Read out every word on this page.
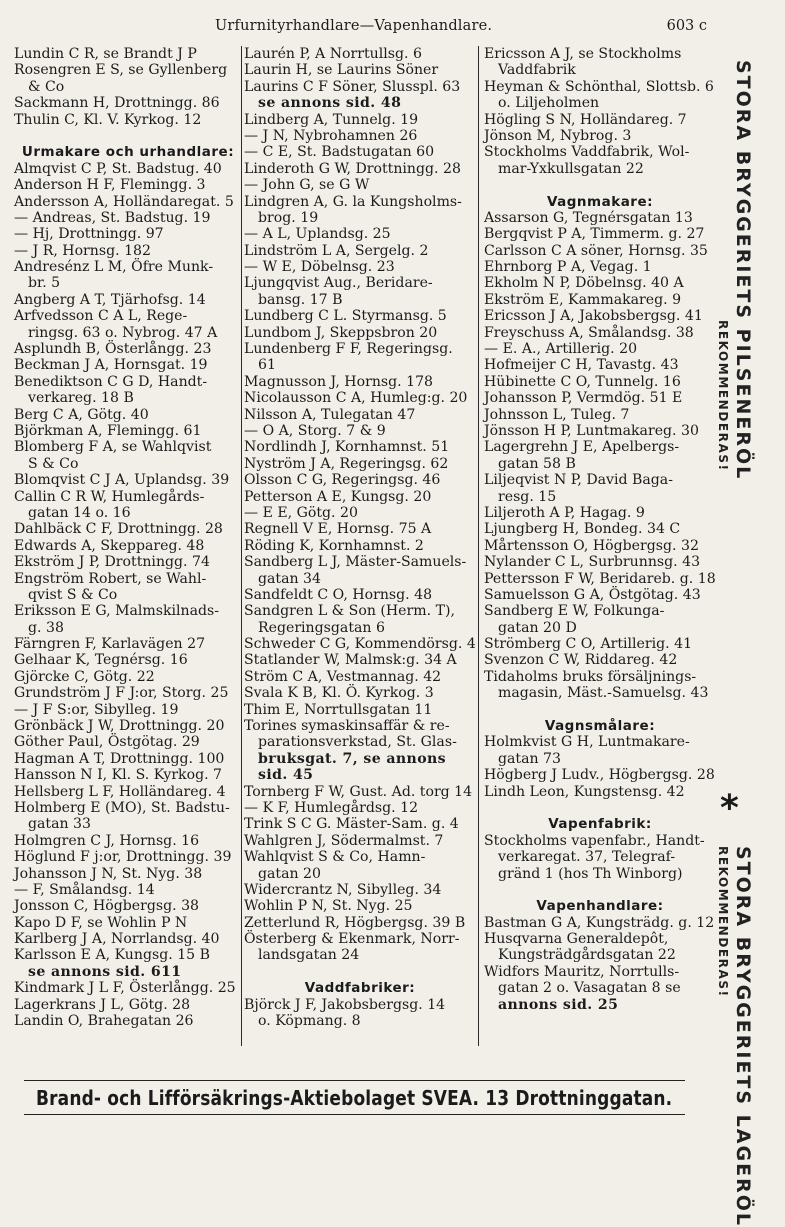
Urfurnityrhandlare—Vapenhandlare.	603 c
Lundin C R, se Brandt J P
Rosengren E S, se Gyllenberg
& Co
Sackmann H, Drottningg. 86
Thulin C, Kl. V. Kyrkog. 12
Urmakare och urhandlare:
Almqvist C P, St. Badstug. 40
Anderson H F, Flemingg. 3
Andersson A, Holländaregat. 5
— Andreas, St. Badstug. 19
— Hj, Drottningg. 97
— J R, Hornsg. 182
Andresénz L M, Öfre Munk-
br. 5
Angberg A T, Tjärhofsg. 14
Arfvedsson C A L, Rege-
ringsg. 63 o. Nybrog. 47 A
Asplundh B, Österlångg. 23
Beckman J A, Hornsgat. 19
Benediktson C G D, Handt-
verkareg. 18 B
Berg C A, Götg. 40
Björkman A, Flemingg. 61
Blomberg F A, se Wahlqvist
S & Co
Blomqvist C J A, Uplandsg. 39
Callin C R W, Humlegårds-
gatan 14 o. 16
Dahlbäck C F, Drottningg. 28
Edwards A, Skeppareg. 48
Ekström J P, Drottningg. 74
Engström Robert, se Wahl-
qvist S & Co
Eriksson E G, Malmskilnads-
g. 38
Färngren F, Karlavägen 27
Gelhaar K, Tegnérsg. 16
Gjörcke C, Götg. 22
Grundström J F J:or, Storg. 25
— J F S:or, Sibylleg. 19
Grönbäck J W, Drottningg. 20
Göther Paul, Östgötag. 29
Hagman A T, Drottningg. 100
Hansson N I, Kl. S. Kyrkog. 7
Hellsberg L F, Holländareg. 4
Holmberg E (MO), St. Badstu-
gatan 33
Holmgren C J, Hornsg. 16
Höglund F j:or, Drottningg. 39
Johansson J N, St. Nyg. 38
— F, Smålandsg. 14
Jonsson C, Högbergsg. 38
Kapo D F, se Wohlin P N
Karlberg J A, Norrlandsg. 40
Karlsson E A, Kungsg. 15 B
se annons sid. 611
Kindmark J L F, Österlångg. 25
Lagerkrans J L, Götg. 28
Landin O, Brahegatan 26
Laurén P, A Norrtullsg. 6
Laurin H, se Laurins Söner
Laurins C F Söner, Slusspl. 63
se annons sid. 48
Lindberg A, Tunnelg. 19
— J N, Nybrohamnen 26
— C E, St. Badstugatan 60
Linderoth G W, Drottningg. 28
— John G, se G W
Lindgren A, G. la Kungsholms-
brog. 19
— A L, Uplandsg. 25
Lindström L A, Sergelg. 2
— W E, Döbelnsg. 23
Ljungqvist Aug., Beridare-
bansg. 17 B
Lundberg C L. Styrmansg. 5
Lundbom J, Skeppsbron 20
Lundenberg F F, Regeringsg.
61
Magnusson J, Hornsg. 178
Nicolausson C A, Humleg:g. 20
Nilsson A, Tulegatan 47
— O A, Storg. 7 & 9
Nordlindh J, Kornhamnst. 51
Nyström J A, Regeringsg. 62
Olsson C G, Regeringsg. 46
Petterson A E, Kungsg. 20
— E E, Götg. 20
Regnell V E, Hornsg. 75 A
Röding K, Kornhamnst. 2
Sandberg L J, Mäster-Samuels-
gatan 34
Sandfeldt C O, Hornsg. 48
Sandgren L & Son (Herm. T),
Regeringsgatan 6
Schweder C G, Kommendörsg. 4
Statlander W, Malmsk:g. 34 A
Ström C A, Vestmannag. 42
Svala K B, Kl. Ö. Kyrkog. 3
Thim E, Norrtullsgatan 11
Torines symaskinsaffär & re-
parationsverkstad, St. Glas-
bruksgat. 7, se annons
sid. 45
Tornberg F W, Gust. Ad. torg 14
— K F, Humlegårdsg. 12
Trink S C G. Mäster-Sam. g. 4
Wahlgren J, Södermalmst. 7
Wahlqvist S & Co, Hamn-
gatan 20
Widercrantz N, Sibylleg. 34
Wohlin P N, St. Nyg. 25
Zetterlund R, Högbergsg. 39 B
Österberg & Ekenmark, Norr-
landsgatan 24
Vaddfabriker:
Björck J F, Jakobsbergsg. 14
o. Köpmang. 8
Ericsson A J, se Stockholms
Vaddfabrik
Heyman & Schönthal, Slottsb. 6
o. Liljeholmen
Högling S N, Holländareg. 7
Jönson M, Nybrog. 3
Stockholms Vaddfabrik, Wol-
mar-Yxkullsgatan 22
Vagnmakare:
Assarson G, Tegnérsgatan 13
Bergqvist P A, Timmerm. g. 27
Carlsson C A söner, Hornsg. 35
Ehrnborg P A, Vegag. 1
Ekholm N P, Döbelnsg. 40 A
Ekström E, Kammakareg. 9
Ericsson J A, Jakobsbergsg. 41
Freyschuss A, Smålandsg. 38
— E. A., Artillerig. 20
Hofmeijer C H, Tavastg. 43
Hübinette C O, Tunnelg. 16
Johansson P, Vermdög. 51 E
Johnsson L, Tuleg. 7
Jönsson H P, Luntmakareg. 30
Lagergrehn J E, Apelbergs-
gatan 58 B
Liljeqvist N P, David Baga-
resg. 15
Liljeroth A P, Hagag. 9
Ljungberg H, Bondeg. 34 C
Mårtensson O, Högbergsg. 32
Nylander C L, Surbrunnsg. 43
Pettersson F W, Beridareb. g. 18
Samuelsson G A, Östgötag. 43
Sandberg E W, Folkunga-
gatan 20 D
Strömberg C O, Artillerig. 41
Svenzon C W, Riddareg. 42
Tidaholms bruks försäljnings-
magasin, Mäst.-Samuelsg. 43
Vagnsmålare:
Holmkvist G H, Luntmakare-
gatan 73
Högberg J Ludv., Högbergsg. 28
Lindh Leon, Kungstensg. 42
Vapenfabrik:
Stockholms vapenfabr., Handt-
verkaregat. 37, Telegraf-
gränd 1 (hos Th Winborg)
Vapenhandlare:
Bastman G A, Kungsträdg. g. 12
Husqvarna Generaldepôt,
Kungsträdgårdsgatan 22
Widfors Mauritz, Norrtulls-
gatan 2 o. Vasagatan 8 se
annons sid. 25
STORA BRYGGERIETS PILSENERÖL
REKOMMENDERAS!
*
STORA BRYGGERIETS LAGERÖL
REKOMMENDERAS!
Brand- och Lifförsäkrings-Aktiebolaget SVEA. 13 Drottninggatan.
